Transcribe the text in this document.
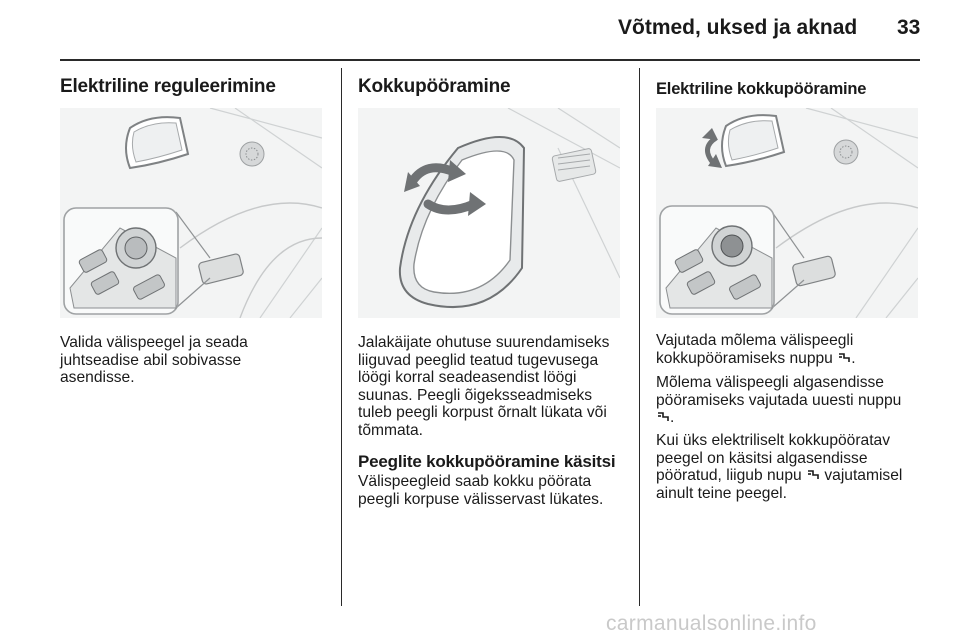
Võtmed, uksed ja aknad 33
Elektriline reguleerimine

Valida välispeegel ja seada
juhtseadise abil sobivasse
asendisse.

Kokkupööramine

Jalakäijate ohutuse suurendamiseks
liiguvad peeglid teatud tugevusega
löögi korral seadeasendist löögi
suunas. Peegli õigeksseadmiseks
tuleb peegli korpust õrnalt lükata või
tõmmata.

Peeglite kokkupööramine käsitsi

Välispeegleid saab kokku pöörata
peegli korpuse välisservast lükates.

Elektriline kokkupööramine

Vajutada mõlema välispeegli
kokkupööramiseks nuppu .

Mõlema välispeegli algasendisse
pööramiseks vajutada uuesti nuppu
.

Kui üks elektriliselt kokkupööratav
peegel on käsitsi algasendisse
pööratud, liigub nupu  vajutamisel
ainult teine peegel.

carmanualsonline.info
